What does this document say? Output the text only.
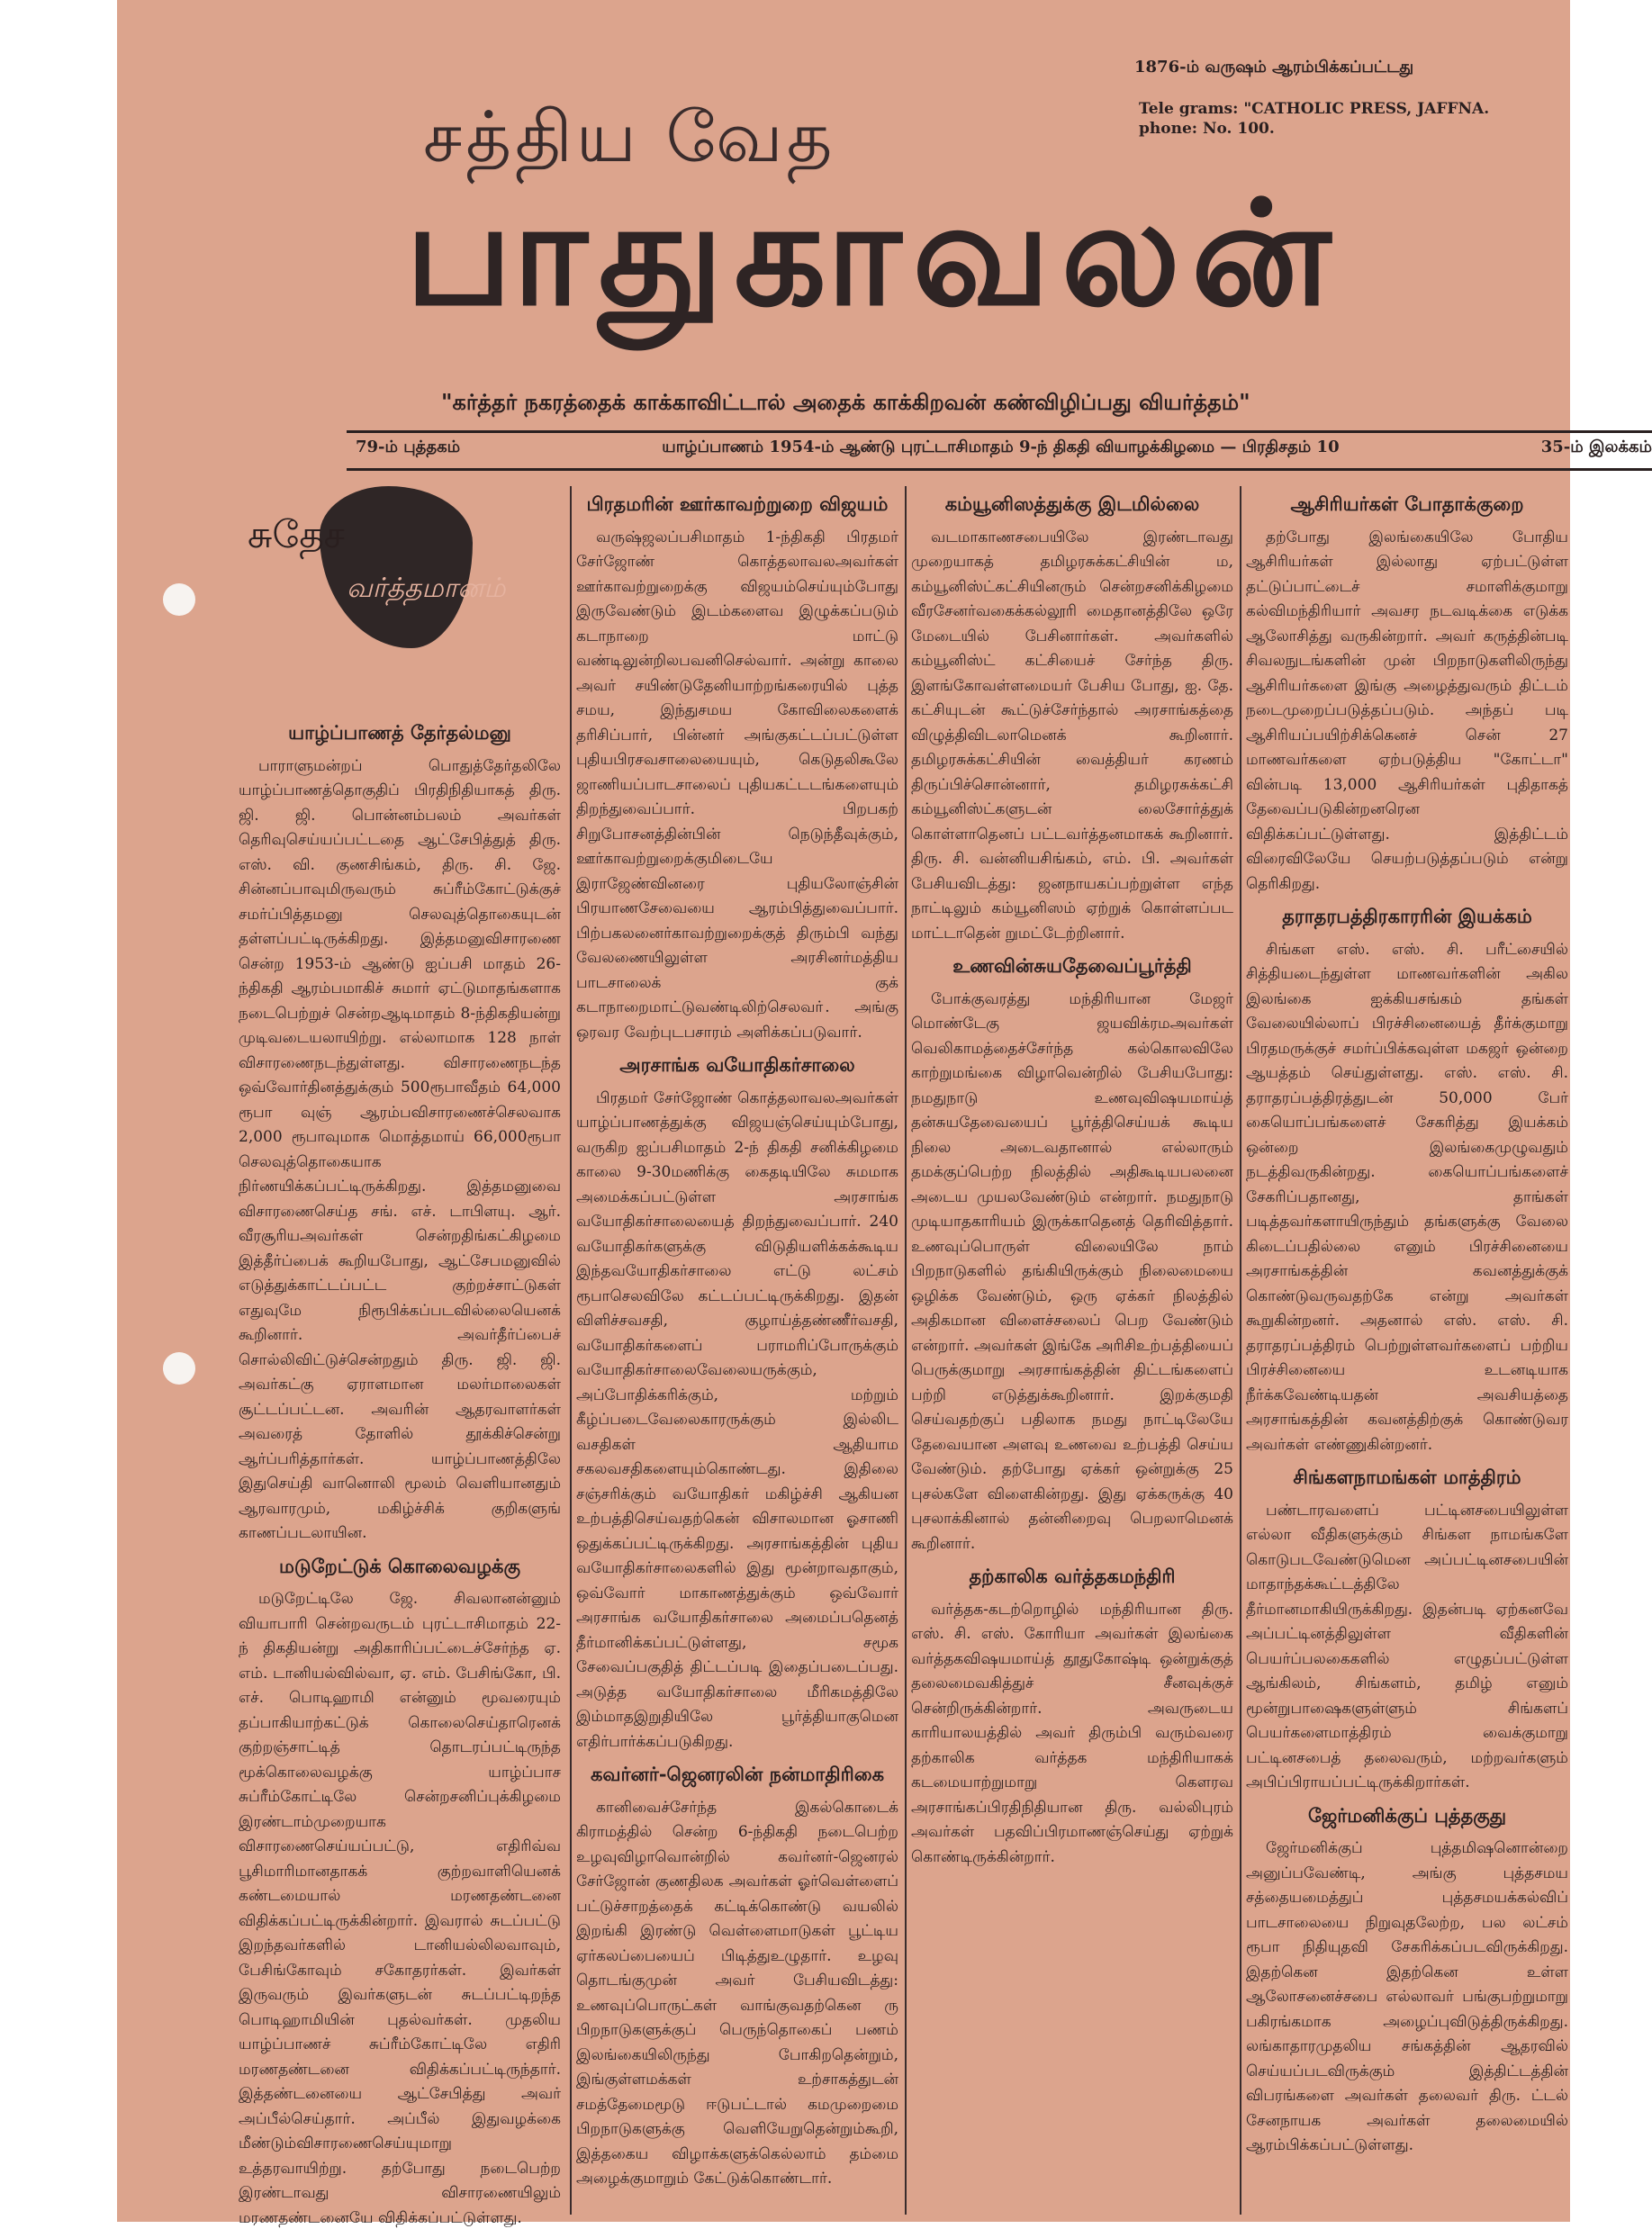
1876-ம் வருஷம் ஆரம்பிக்கப்பட்டது
Tele grams: "CATHOLIC PRESS, JAFFNA.
phone: No. 100.
சத்திய வேத
பாதுகாவலன்
"கர்த்தர் நகரத்தைக் காக்காவிட்டால் அதைக் காக்கிறவன் கண்விழிப்பது வியர்த்தம்"
79-ம் புத்தகம்	யாழ்ப்பாணம் 1954-ம் ஆண்டு புரட்டாசிமாதம் 9-ந் திகதி வியாழக்கிழமை — பிரதிசதம் 10	35-ம் இலக்கம்
சுதேச
வர்த்தமானம்
யாழ்ப்பாணத் தேர்தல்மனு

பாராளுமன்றப் பொதுத்தேர்தலிலே யாழ்ப்பாணத்தொகுதிப் பிரதிநிதியாகத் திரு. ஜி. ஜி. பொன்னம்பலம் அவர்கள் தெரிவுசெய்யப்பட்டதை ஆட்சேபித்துத் திரு. எஸ். வி. குணசிங்கம், திரு. சி. ஜே. சின்னப்பாவுமிருவரும் சுப்ரீம்கோட்டுக்குச் சமர்ப்பித்தமனு செலவுத்தொகையுடன் தள்ளப்பட்டிருக்கிறது. இத்தமனுவிசாரணை சென்ற 1953-ம் ஆண்டு ஐப்பசி மாதம் 26-ந்திகதி ஆரம்பமாகிச் சுமார் ஏட்டுமாதங்களாக நடைபெற்றுச் சென்றஆடிமாதம் 8-ந்திகதியன்று முடிவடையலாயிற்று. எல்லாமாக 128 நாள் விசாரணைநடந்துள்ளது. விசாரணைநடந்த ஒவ்வோர்தினத்துக்கும் 500ரூபாவீதம் 64,000 ரூபா வுஞ் ஆரம்பவிசாரணைச்செலவாக 2,000 ரூபாவுமாக மொத்தமாய் 66,000ரூபா செலவுத்தொகையாக நிர்ணயிக்கப்பட்டிருக்கிறது. இத்தமனுவை விசாரணைசெய்த சங். எச். டாபிளயு. ஆர். வீரசூரியஅவர்கள் சென்றதிங்கட்கிழமை இத்தீர்ப்பைக் கூறியபோது, ஆட்சேபமனுவில் எடுத்துக்காட்டப்பட்ட குற்றச்சாட்டுகள் எதுவுமே நிரூபிக்கப்படவில்லையெனக் கூறினார். அவர்தீர்ப்பைச் சொல்லிவிட்டுச்சென்றதும் திரு. ஜி. ஜி. அவர்கட்கு ஏராளமான மலர்மாலைகள் சூட்டப்பட்டன. அவரின் ஆதரவாளர்கள் அவரைத் தோளில் தூக்கிச்சென்று ஆர்ப்பரித்தார்கள். யாழ்ப்பாணத்திலே இதுசெய்தி வானொலி மூலம் வெளியானதும் ஆரவாரமும், மகிழ்ச்சிக் குறிகளுங் காணப்படலாயின.

மடுறேட்டுக் கொலைவழக்கு

மடுறேட்டிலே ஜே. சிவலானன்னும் வியாபாரி சென்றவருடம் புரட்டாசிமாதம் 22-ந் திகதியன்று அதிகாரிப்பட்டைச்சேர்ந்த ஏ. எம். டானியல்வில்வா, ஏ. எம். பேசிங்கோ, பி. எச். பொடிஹாமி என்னும் மூவரையும் தப்பாகியாற்கட்டுக் கொலைசெய்தாரெனக் குற்றஞ்சாட்டித் தொடரப்பட்டிருந்த மூக்கொலைவழக்கு யாழ்ப்பாச சுப்ரீம்கோட்டிலே சென்றசனிப்புக்கிழமை இரண்டாம்முறையாக விசாரணைசெய்யப்பட்டு, எதிரிவ்வ பூசிமாரிமானதாகக் குற்றவாளியெனக் கண்டமையால் மரணதண்டனை விதிக்கப்பட்டிருக்கின்றார். இவரால் சுடப்பட்டு இறந்தவர்களில் டானியல்லிலவாவும், பேசிங்கோவும் சகோதரர்கள். இவர்கள் இருவரும் இவர்களுடன் சுடப்பட்டிறந்த பொடிஹாமியின் புதல்வர்கள். முதலிய யாழ்ப்பாணச் சுப்ரீம்கோட்டிலே எதிரி மரணதண்டனை விதிக்கப்பட்டிருந்தார். இத்தண்டனையை ஆட்சேபித்து அவர் அப்பீல்செய்தார். அப்பீல் இதுவழக்கை மீண்டும்விசாரணைசெய்யுமாறு உத்தரவாயிற்று. தற்போது நடைபெற்ற இரண்டாவது விசாரணையிலும் மரணதண்டனையே விதிக்கப்பட்டுள்ளது.

பிரதமரின் ஊர்காவற்றுறை விஜயம்

வருஷ்ஜலப்பசிமாதம் 1-ந்திகதி பிரதமர் சேர்ஜோண் கொத்தலாவலஅவர்கள் ஊர்காவற்றுறைக்கு விஜயம்செய்யும்போது இருவேண்டும் இடம்களைவ இழுக்கப்படும் கடாநாறை மாட்டு வண்டிலுன்றிலபவனிசெல்வார். அன்று காலை அவர் சயிண்டுதேனியாற்றங்கரையில் புத்த சமய, இந்துசமய கோவிலைகளைக் தரிசிப்பார், பின்னர் அங்குகட்டப்பட்டுள்ள புதியபிரசவசாலையையும், கெடுதலிகூலே ஜாணியப்பாடசாலைப் புதியகட்டடங்களையும் திறந்துவைப்பார். பிறபகற் சிறுபோசனத்தின்பின் நெடுந்தீவுக்கும், ஊர்காவற்றுறைக்குமிடையே இராஜேண்வினரை புதியலோஞ்சின் பிரயாணசேவையை ஆரம்பித்துவைப்பார். பிற்பகலனைர்காவற்றுறைக்குத் திரும்பி வந்து வேலணையிலுள்ள அரசினர்மத்திய பாடசாலைக் குக் கடாநாறைமாட்டுவண்டிலிற்செலவா். அங்கு ஒரவர வேற்புடபசாரம் அளிக்கப்படுவார்.

அரசாங்க வயோதிகர்சாலை

பிரதமர் சேர்ஜோண் கொத்தலாவலஅவர்கள் யாழ்ப்பாணத்துக்கு விஜயஞ்செய்யும்போது, வருகிற ஐப்பசிமாதம் 2-ந் திகதி சனிக்கிழமை காலை 9-30மணிக்கு கைதடியிலே சுமமாக அமைக்கப்பட்டுள்ள அரசாங்க வயோதிகர்சாலையைத் திறந்துவைப்பார். 240 வயோதிகர்களுக்கு விடுதியளிக்கக்கூடிய இந்தவயோதிகர்சாலை எட்டு லட்சம் ரூபாசெலவிலே கட்டப்பட்டிருக்கிறது. இதன் விளிச்சவசதி, குழாய்த்தண்ணீர்வசதி, வயோதிகர்களைப் பராமரிப்போருக்கும் வயோதிகர்சாலைவேலையருக்கும், அப்போதிக்கரிக்கும், மற்றும் கீழ்ப்படைவேலைகாரருக்கும் இல்லிட வசதிகள் ஆதியாம சகலவசதிகளையும்கொண்டது. இதிலை சஞ்சரிக்கும் வயோதிகர் மகிழ்ச்சி ஆகியன உற்பத்திசெய்வதற்கென் விசாலமான ஓசாணி ஒதுக்கப்பட்டிருக்கிறது. அரசாங்கத்தின் புதிய வயோதிகர்சாலைகளில் இது மூன்றாவதாகும், ஒவ்வோர் மாகாணத்துக்கும் ஒவ்வோர் அரசாங்க வயோதிகர்சாலை அமைப்பதெனத் தீர்மானிக்கப்பட்டுள்ளது, சமூக சேவைப்பகுதித் திட்டப்படி இதைப்படைப்பது. அடுத்த வயோதிகர்சாலை மீரிகமத்திலே இம்மாதஇறுதியிலே பூர்த்தியாகுமென எதிர்பார்க்கப்படுகிறது.

கவர்னர்-ஜெனரலின் நன்மாதிரிகை

கானிவைச்சேர்ந்த இகல்கொடைக் கிராமத்தில் சென்ற 6-ந்திகதி நடைபெற்ற உழவுவிழாவொன்றில் கவர்னர்-ஜெனரல் சேர்ஜோன் குணதிலக அவர்கள் ஓர்வெள்ளைப் பட்டுச்சாறத்தைக் கட்டிக்கொண்டு வயலில் இறங்கி இரண்டு வெள்ளைமாடுகள் பூட்டிய ஏர்கலப்பையைப் பிடித்துஉழுதார். உழவு தொடங்குமுன் அவர் பேசியவிடத்து: உணவுப்பொருட்கள் வாங்குவதற்கென ரு பிறநாடுகளுக்குப் பெருந்தொகைப் பணம் இலங்கையிலிருந்து போகிறதென்றும், இங்குள்ளமக்கள் உற்சாகத்துடன் சமத்தேமைமூடு ஈடுபட்டால் கமமுறைமை பிறநாடுகளுக்கு வெளியேறுதென்றும்கூறி, இத்தகைய விழாக்களுக்கெல்லாம் தம்மை அழைக்குமாறும் கேட்டுக்கொண்டார்.

கம்யூனிஸத்துக்கு இடமில்லை

வடமாகாணசபையிலே இரண்டாவது முறையாகத் தமிழரசுக்கட்சியின் ம, கம்யூனிஸ்ட்கட்சியினரும் சென்றசனிக்கிழமை வீரசேனர்வகைக்கல்லூரி மைதானத்திலே ஒரே மேடையில் பேசினார்கள். அவர்களில் கம்யூனிஸ்ட் கட்சியைச் சேர்ந்த திரு. இளங்கோவள்ளமையர் பேசிய போது, ஐ. தே. கட்சியுடன் கூட்டுச்சேர்ந்தால் அரசாங்கத்தை விழுத்திவிடலாமெனக் கூறினார். தமிழரசுக்கட்சியின் வைத்தியர் கரணம் திருப்பிச்சொன்னார், தமிழரசுக்கட்சி கம்யூனிஸ்ட்களுடன் லைசோர்த்துக் கொள்ளாதெனப் பட்டவர்த்தனமாகக் கூறினார். திரு. சி. வன்னியசிங்கம், எம். பி. அவர்கள் பேசியவிடத்து: ஜனநாயகப்பற்றுள்ள எந்த நாட்டிலும் கம்யூனிஸம் ஏற்றுக் கொள்ளப்பட மாட்டாதென் றுமட்டேற்றினார்.

உணவின்சுயதேவைப்பூர்த்தி

போக்குவரத்து மந்திரியான மேஜர் மொண்டேகு ஜயவிக்ரமஅவர்கள் வெலிகாமத்தைச்சேர்ந்த கல்கொலவிலே காற்றுமங்கை விழாவென்றில் பேசியபோது: நமதுநாடு உணவுவிஷயமாய்த் தன்சுயதேவையைப் பூர்த்திசெய்யக் கூடிய நிலை அடைவதானால் எல்லாரும் தமக்குப்பெற்ற நிலத்தில் அதிகூடியபலனை அடைய முயலவேண்டும் என்றார். நமதுநாடு முடியாதகாரியம் இருக்காதெனத் தெரிவித்தார். உணவுப்பொருள் விலையிலே நாம் பிறநாடுகளில் தங்கியிருக்கும் நிலைமையை ஒழிக்க வேண்டும், ஒரு ஏக்கர் நிலத்தில் அதிகமான விளைச்சலைப் பெற வேண்டும் என்றார். அவர்கள் இங்கே அரிசிஉற்பத்தியைப் பெருக்குமாறு அரசாங்கத்தின் திட்டங்களைப் பற்றி எடுத்துக்கூறினார். இறக்குமதி செய்வதற்குப் பதிலாக நமது நாட்டிலேயே தேவையான அளவு உணவை உற்பத்தி செய்ய வேண்டும். தற்போது ஏக்கர் ஒன்றுக்கு 25 புசல்களே விளைகின்றது. இது ஏக்கருக்கு 40 புசலாக்கினால் தன்னிறைவு பெறலாமெனக் கூறினார்.

தற்காலிக வர்த்தகமந்திரி

வர்த்தக-கடற்றொழில் மந்திரியான திரு. எஸ். சி. எஸ். கோரியா அவர்கள் இலங்கை வர்த்தகவிஷயமாய்த் தூதுகோஷ்டி ஒன்றுக்குத் தலைமைவகித்துச் சீனவுக்குச் சென்றிருக்கின்றார். அவருடைய காரியாலயத்தில் அவர் திரும்பி வரும்வரை தற்காலிக வர்த்தக மந்திரியாகக் கடமையாற்றுமாறு கௌரவ அரசாங்கப்பிரதிநிதியான திரு. வல்லிபுரம் அவர்கள் பதவிப்பிரமாணஞ்செய்து ஏற்றுக் கொண்டிருக்கின்றார்.

ஆசிரியர்கள் போதாக்குறை

தற்போது இலங்கையிலே போதிய ஆசிரியர்கள் இல்லாது ஏற்பட்டுள்ள தட்டுப்பாட்டைச் சமாளிக்குமாறு கல்விமந்திரியார் அவசர நடவடிக்கை எடுக்க ஆலோசித்து வருகின்றார். அவர் கருத்தின்படி சிவலநுடங்களின் முன் பிறநாடுகளிலிருந்து ஆசிரியர்களை இங்கு அழைத்துவரும் திட்டம் நடைமுறைப்படுத்தப்படும். அந்தப் படி ஆசிரியப்பயிற்சிக்கெனச் சென் 27 மாணவர்களை ஏற்படுத்திய "கோட்டா" வின்படி 13,000 ஆசிரியர்கள் புதிதாகத் தேவைப்படுகின்றனரென விதிக்கப்பட்டுள்ளது. இத்திட்டம் விரைவிலேயே செயற்படுத்தப்படும் என்று தெரிகிறது.

தராதரபத்திரகாரரின் இயக்கம்

சிங்கள எஸ். எஸ். சி. பரீட்சையில் சித்தியடைந்துள்ள மாணவர்களின் அகில இலங்கை ஐக்கியசங்கம் தங்கள் வேலையில்லாப் பிரச்சினையைத் தீர்க்குமாறு பிரதமருக்குச் சமர்ப்பிக்கவுள்ள மகஜர் ஒன்றை ஆயத்தம் செய்துள்ளது. எஸ். எஸ். சி. தராதரப்பத்திரத்துடன் 50,000 பேர் கையொப்பங்களைச் சேகரித்து இயக்கம் ஒன்றை இலங்கைமுழுவதும் நடத்திவருகின்றது. கையொப்பங்களைச் சேகரிப்பதானது, தாங்கள் படித்தவர்களாயிருந்தும் தங்களுக்கு வேலை கிடைப்பதில்லை எனும் பிரச்சினையை அரசாங்கத்தின் கவனத்துக்குக் கொண்டுவருவதற்கே என்று அவர்கள் கூறுகின்றனர். அதனால் எஸ். எஸ். சி. தராதரப்பத்திரம் பெற்றுள்ளவர்களைப் பற்றிய பிரச்சினையை உடனடியாக நீர்க்கவேண்டியதன் அவசியத்தை அரசாங்கத்தின் கவனத்திற்குக் கொண்டுவர அவர்கள் எண்ணுகின்றனர்.

சிங்களநாமங்கள் மாத்திரம்

பண்டாரவளைப் பட்டினசபையிலுள்ள எல்லா வீதிகளுக்கும் சிங்கள நாமங்களே கொடுபடவேண்டுமென அப்பட்டினசபையின் மாதாந்தக்கூட்டத்திலே தீர்மானமாகியிருக்கிறது. இதன்படி ஏற்கனவே அப்பட்டினத்திலுள்ள வீதிகளின் பெயர்ப்பலகைகளில் எழுதப்பட்டுள்ள ஆங்கிலம், சிங்களம், தமிழ் எனும் மூன்றுபாஷைகளுள்ளும் சிங்களப் பெயர்களைமாத்திரம் வைக்குமாறு பட்டினசபைத் தலைவரும், மற்றவர்களும் அபிப்பிராயப்பட்டிருக்கிறார்கள்.

ஜேர்மனிக்குப் புத்தகுது

ஜேர்மனிக்குப் புத்தமிஷனொன்றை அனுப்பவேண்டி, அங்கு புத்தசமய சத்தையமைத்துப் புத்தசமயக்கல்விப் பாடசாலையை நிறுவுதலேற்ற, பல லட்சம் ரூபா நிதியுதவி சேகரிக்கப்படவிருக்கிறது. இதற்கென இதற்கென உள்ள ஆலோசனைச்சபை எல்லாவர் பங்குபற்றுமாறு பகிரங்கமாக அழைப்புவிடுத்திருக்கிறது. லங்காதாரமுதலிய சங்கத்தின் ஆதரவில் செய்யப்படவிருக்கும் இத்திட்டத்தின் விபரங்களை அவர்கள் தலைவர் திரு. ட்டல் சேனநாயக அவர்கள் தலைமையில் ஆரம்பிக்கப்பட்டுள்ளது.
